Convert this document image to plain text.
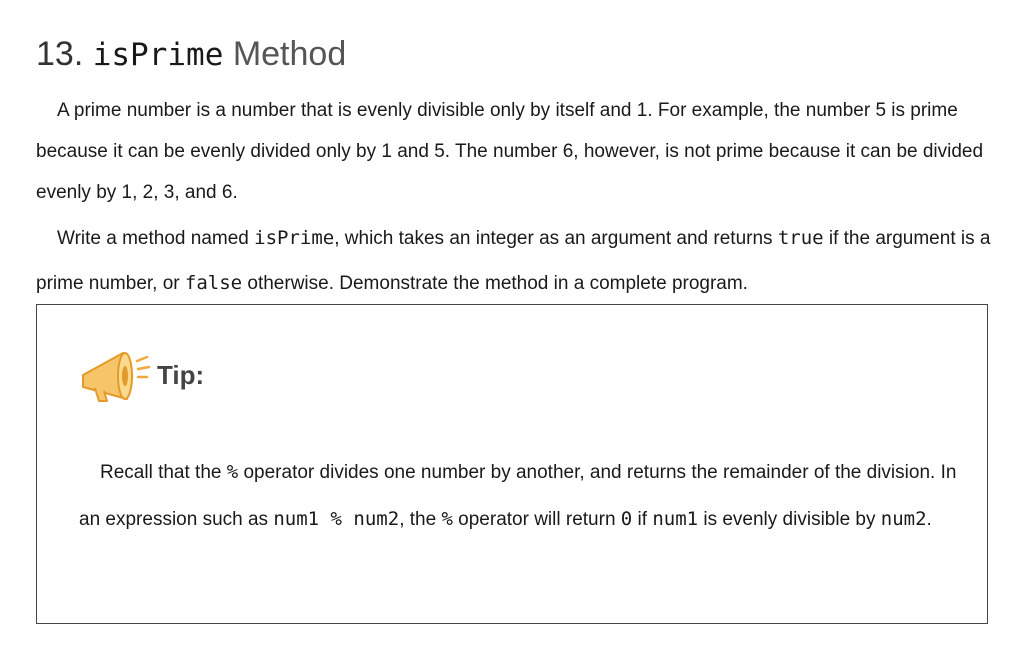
13. isPrime Method

A prime number is a number that is evenly divisible only by itself and 1. For example, the number 5 is prime because it can be evenly divided only by 1 and 5. The number 6, however, is not prime because it can be divided evenly by 1, 2, 3, and 6.

Write a method named isPrime, which takes an integer as an argument and returns true if the argument is a prime number, or false otherwise. Demonstrate the method in a complete program.

Tip:

Recall that the % operator divides one number by another, and returns the remainder of the division. In an expression such as num1 % num2, the % operator will return 0 if num1 is evenly divisible by num2.
